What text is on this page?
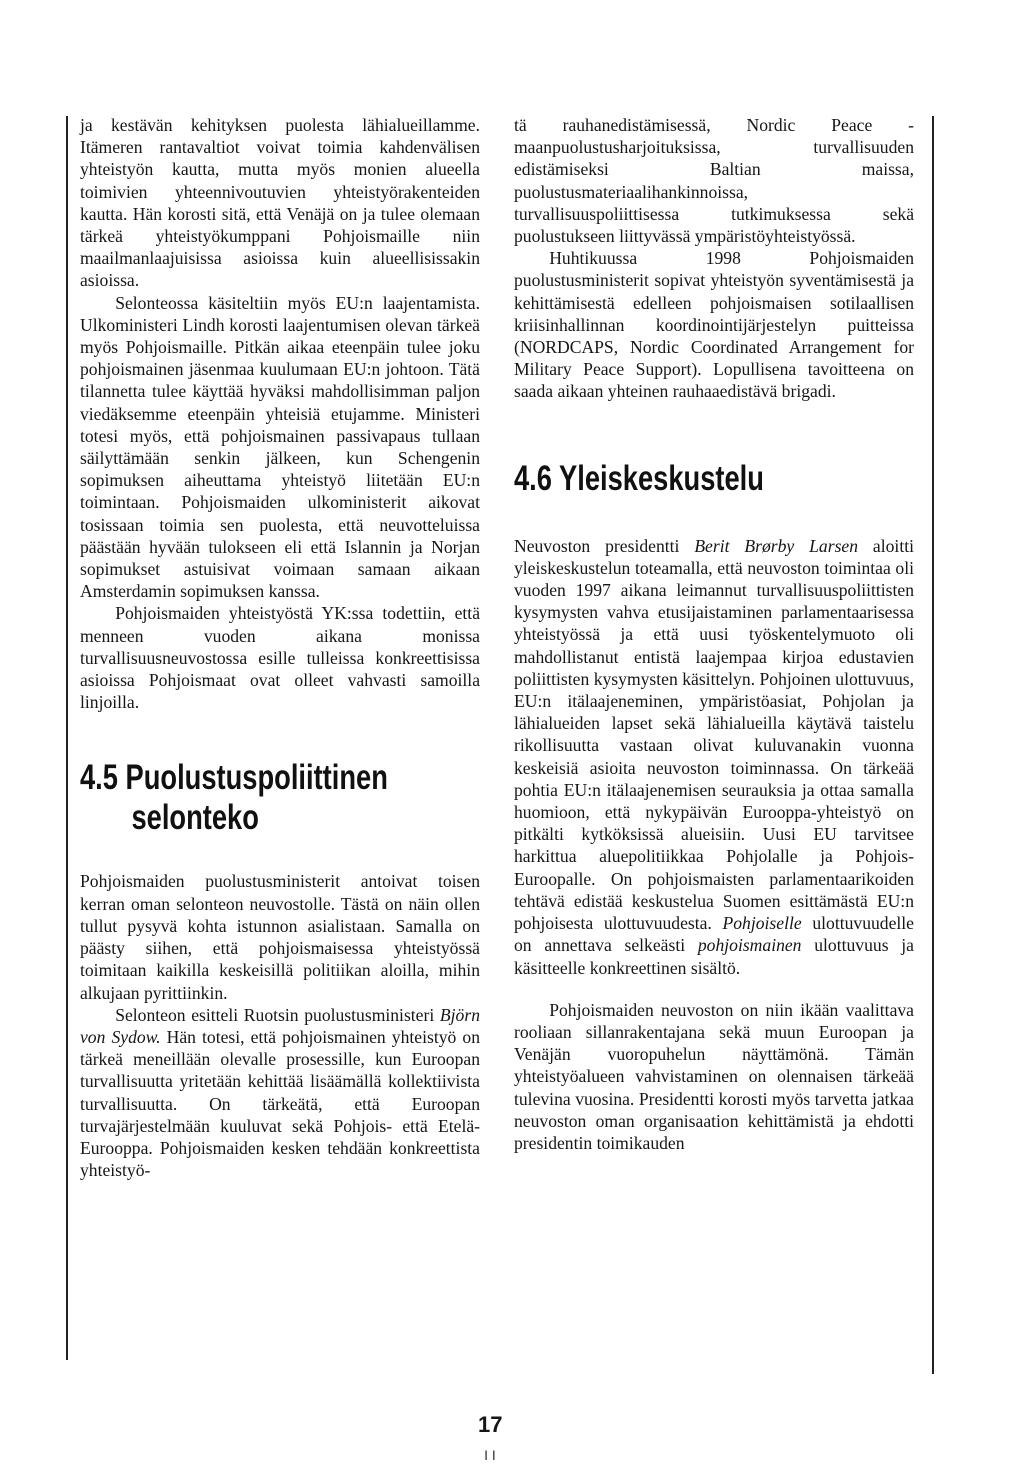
ja kestävän kehityksen puolesta lähialueillamme. Itämeren rantavaltiot voivat toimia kahdenvälisen yhteistyön kautta, mutta myös monien alueella toimivien yhteennivoutuvien yhteistyörakenteiden kautta. Hän korosti sitä, että Venäjä on ja tulee olemaan tärkeä yhteistyökumppani Pohjoismaille niin maailmanlaajuisissa asioissa kuin alueellisissakin asioissa.

Selonteossa käsiteltiin myös EU:n laajentamista. Ulkoministeri Lindh korosti laajentumisen olevan tärkeä myös Pohjoismaille. Pitkän aikaa eteenpäin tulee joku pohjoismainen jäsenmaa kuulumaan EU:n johtoon. Tätä tilannetta tulee käyttää hyväksi mahdollisimman paljon viedäksemme eteenpäin yhteisiä etujamme. Ministeri totesi myös, että pohjoismainen passivapaus tullaan säilyttämään senkin jälkeen, kun Schengenin sopimuksen aiheuttama yhteistyö liitetään EU:n toimintaan. Pohjoismaiden ulkoministerit aikovat tosissaan toimia sen puolesta, että neuvotteluissa päästään hyvään tulokseen eli että Islannin ja Norjan sopimukset astuisivat voimaan samaan aikaan Amsterdamin sopimuksen kanssa.

Pohjoismaiden yhteistyöstä YK:ssa todettiin, että menneen vuoden aikana monissa turvallisuusneuvostossa esille tulleissa konkreettisissa asioissa Pohjoismaat ovat olleet vahvasti samoilla linjoilla.

4.5 Puolustuspoliittinen
selonteko

Pohjoismaiden puolustusministerit antoivat toisen kerran oman selonteon neuvostolle. Tästä on näin ollen tullut pysyvä kohta istunnon asialistaan. Samalla on päästy siihen, että pohjoismaisessa yhteistyössä toimitaan kaikilla keskeisillä politiikan aloilla, mihin alkujaan pyrittiinkin.

Selonteon esitteli Ruotsin puolustusministeri Björn von Sydow. Hän totesi, että pohjoismainen yhteistyö on tärkeä meneillään olevalle prosessille, kun Euroopan turvallisuutta yritetään kehittää lisäämällä kollektiivista turvallisuutta. On tärkeätä, että Euroopan turvajärjestelmään kuuluvat sekä Pohjois- että Etelä-Eurooppa. Pohjoismaiden kesken tehdään konkreettista yhteistyö-

tä rauhanedistämisessä, Nordic Peace - maanpuolustusharjoituksissa, turvallisuuden edistämiseksi Baltian maissa, puolustusmateriaalihankinnoissa, turvallisuuspoliittisessa tutkimuksessa sekä puolustukseen liittyvässä ympäristöyhteistyössä.

Huhtikuussa 1998 Pohjoismaiden puolustusministerit sopivat yhteistyön syventämisestä ja kehittämisestä edelleen pohjoismaisen sotilaallisen kriisinhallinnan koordinointijärjestelyn puitteissa (NORDCAPS, Nordic Coordinated Arrangement for Military Peace Support). Lopullisena tavoitteena on saada aikaan yhteinen rauhaaedistävä brigadi.

4.6 Yleiskeskustelu

Neuvoston presidentti Berit Brørby Larsen aloitti yleiskeskustelun toteamalla, että neuvoston toimintaa oli vuoden 1997 aikana leimannut turvallisuuspoliittisten kysymysten vahva etusijaistaminen parlamentaarisessa yhteistyössä ja että uusi työskentelymuoto oli mahdollistanut entistä laajempaa kirjoa edustavien poliittisten kysymysten käsittelyn. Pohjoinen ulottuvuus, EU:n itälaajeneminen, ympäristöasiat, Pohjolan ja lähialueiden lapset sekä lähialueilla käytävä taistelu rikollisuutta vastaan olivat kuluvanakin vuonna keskeisiä asioita neuvoston toiminnassa. On tärkeää pohtia EU:n itälaajenemisen seurauksia ja ottaa samalla huomioon, että nykypäivän Eurooppa-yhteistyö on pitkälti kytköksissä alueisiin. Uusi EU tarvitsee harkittua aluepolitiikkaa Pohjolalle ja Pohjois-Euroopalle. On pohjoismaisten parlamentaarikoiden tehtävä edistää keskustelua Suomen esittämästä EU:n pohjoisesta ulottuvuudesta. Pohjoiselle ulottuvuudelle on annettava selkeästi pohjoismainen ulottuvuus ja käsitteelle konkreettinen sisältö.

Pohjoismaiden neuvoston on niin ikään vaalittava rooliaan sillanrakentajana sekä muun Euroopan ja Venäjän vuoropuhelun näyttämönä. Tämän yhteistyöalueen vahvistaminen on olennaisen tärkeää tulevina vuosina. Presidentti korosti myös tarvetta jatkaa neuvoston oman organisaation kehittämistä ja ehdotti presidentin toimikauden

17
I I
